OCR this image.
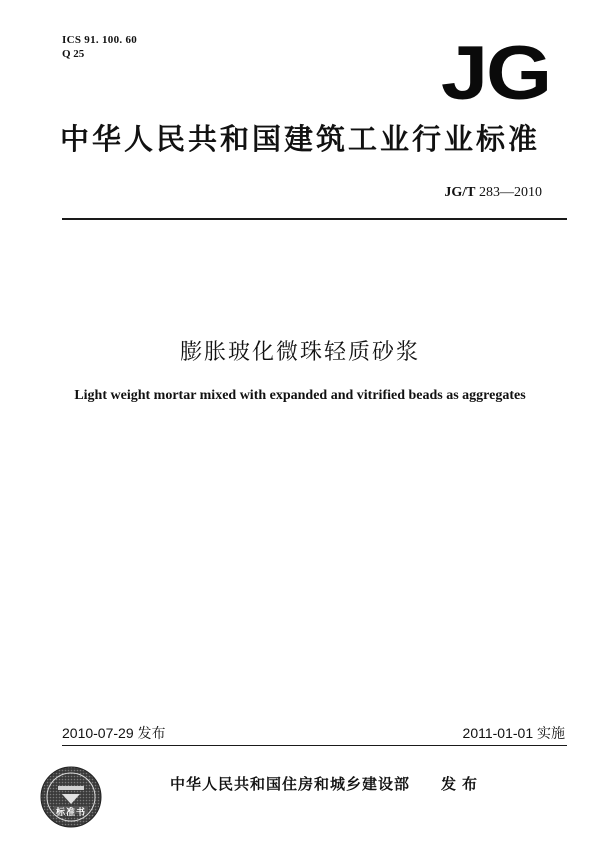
ICS 91. 100. 60
Q 25	JG
中华人民共和国建筑工业行业标准
JG/T 283—2010
膨胀玻化微珠轻质砂浆
Light weight mortar mixed with expanded and vitrified beads as aggregates
2010-07-29 发布	2011-01-01 实施
标准书
中华人民共和国住房和城乡建设部 发布
